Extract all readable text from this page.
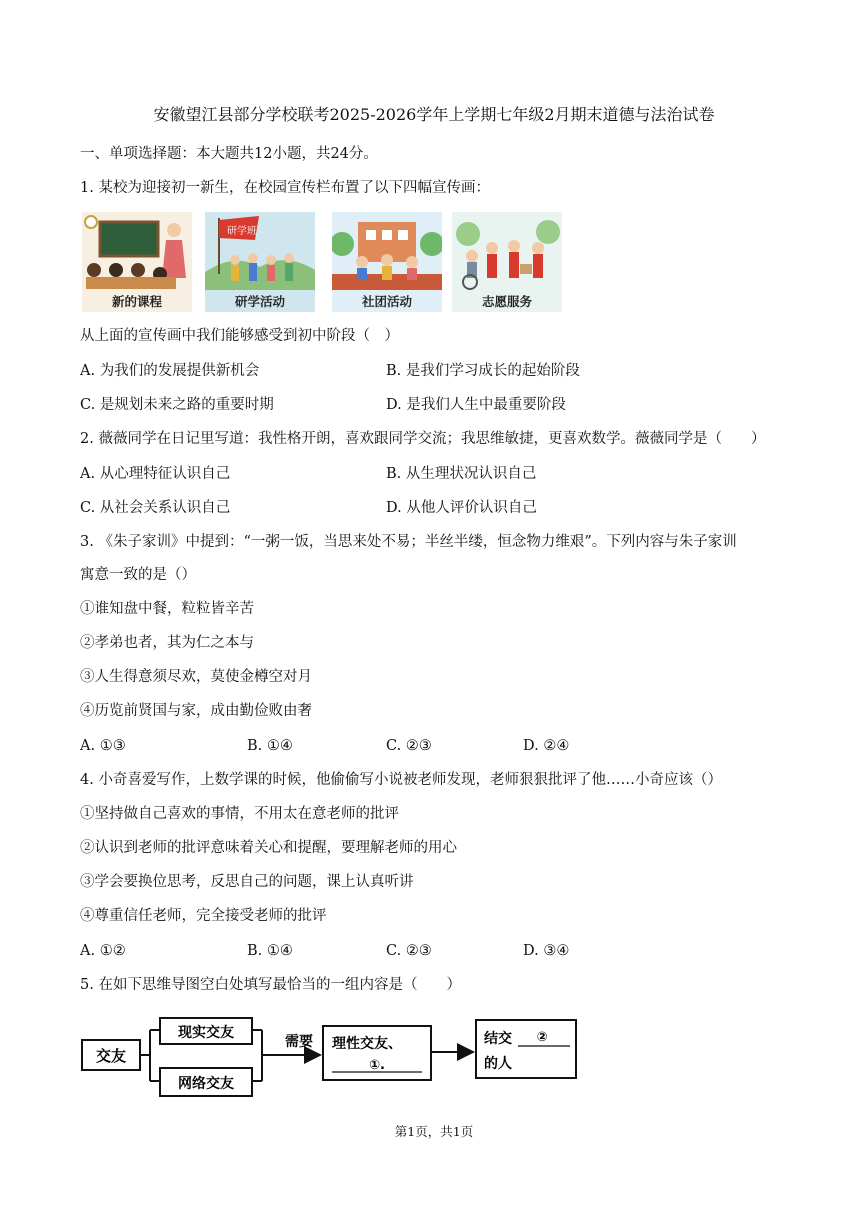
安徽望江县部分学校联考2025-2026学年上学期七年级2月期末道德与法治试卷
一、单项选择题：本大题共12小题，共24分。
1. 某校为迎接初一新生，在校园宣传栏布置了以下四幅宣传画：
新的课程
研学班
研学活动	社团活动	志愿服务
从上面的宣传画中我们能够感受到初中阶段（　）
A. 为我们的发展提供新机会	B. 是我们学习成长的起始阶段
C. 是规划未来之路的重要时期	D. 是我们人生中最重要阶段
2. 薇薇同学在日记里写道：我性格开朗，喜欢跟同学交流；我思维敏捷，更喜欢数学。薇薇同学是（　　）
A. 从心理特征认识自己	B. 从生理状况认识自己
C. 从社会关系认识自己	D. 从他人评价认识自己
3. 《朱子家训》中提到：“一粥一饭，当思来处不易；半丝半缕，恒念物力维艰”。下列内容与朱子家训
寓意一致的是（）
①谁知盘中餐，粒粒皆辛苦
②孝弟也者，其为仁之本与
③人生得意须尽欢，莫使金樽空对月
④历览前贤国与家，成由勤俭败由奢
A. ①③	B. ①④	C. ②③	D. ②④
4. 小奇喜爱写作，上数学课的时候，他偷偷写小说被老师发现，老师狠狠批评了他……小奇应该（）
①坚持做自己喜欢的事情，不用太在意老师的批评
②认识到老师的批评意味着关心和提醒，要理解老师的用心
③学会要换位思考，反思自己的问题，课上认真听讲
④尊重信任老师，完全接受老师的批评
A. ①②	B. ①④	C. ②③	D. ③④
5. 在如下思维导图空白处填写最恰当的一组内容是（　　）
交友
现实交友
网络交友
需要 理性交友、
①.
结交 ②
的人
第1页，共1页
